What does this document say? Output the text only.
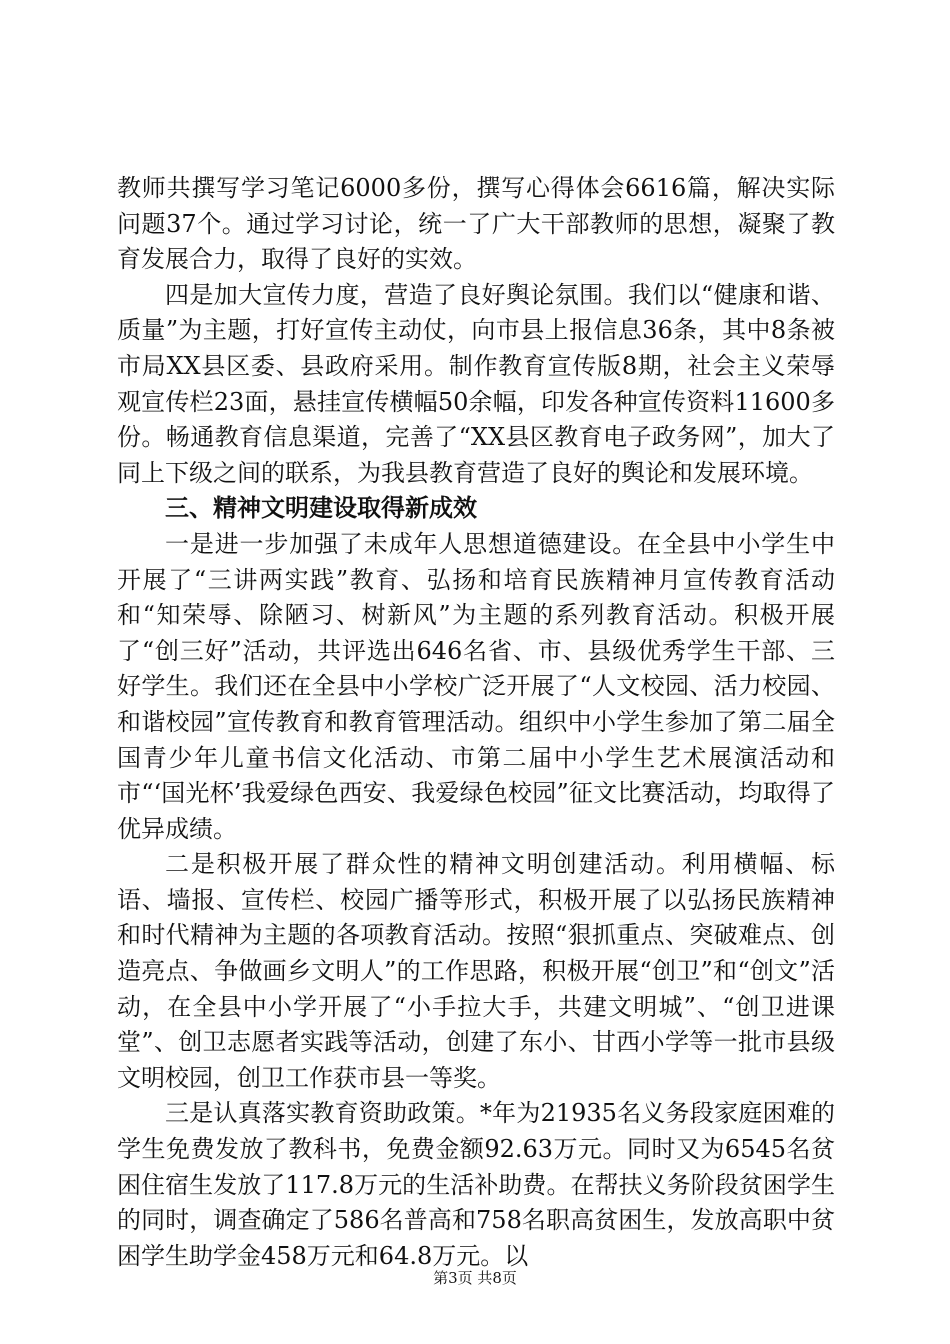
教师共撰写学习笔记6000多份，撰写心得体会6616篇，解决实际问题37个。通过学习讨论，统一了广大干部教师的思想，凝聚了教育发展合力，取得了良好的实效。

四是加大宣传力度，营造了良好舆论氛围。我们以“健康和谐、质量”为主题，打好宣传主动仗，向市县上报信息36条，其中8条被市局XX县区委、县政府采用。制作教育宣传版8期，社会主义荣辱观宣传栏23面，悬挂宣传横幅50余幅，印发各种宣传资料11600多份。畅通教育信息渠道，完善了“XX县区教育电子政务网”，加大了同上下级之间的联系，为我县教育营造了良好的舆论和发展环境。

三、精神文明建设取得新成效

一是进一步加强了未成年人思想道德建设。在全县中小学生中开展了“三讲两实践”教育、弘扬和培育民族精神月宣传教育活动和“知荣辱、除陋习、树新风”为主题的系列教育活动。积极开展了“创三好”活动，共评选出646名省、市、县级优秀学生干部、三好学生。我们还在全县中小学校广泛开展了“人文校园、活力校园、和谐校园”宣传教育和教育管理活动。组织中小学生参加了第二届全国青少年儿童书信文化活动、市第二届中小学生艺术展演活动和市“‘国光杯’我爱绿色西安、我爱绿色校园”征文比赛活动，均取得了优异成绩。

二是积极开展了群众性的精神文明创建活动。利用横幅、标语、墙报、宣传栏、校园广播等形式，积极开展了以弘扬民族精神和时代精神为主题的各项教育活动。按照“狠抓重点、突破难点、创造亮点、争做画乡文明人”的工作思路，积极开展“创卫”和“创文”活动，在全县中小学开展了“小手拉大手，共建文明城”、“创卫进课堂”、创卫志愿者实践等活动，创建了东小、甘西小学等一批市县级文明校园，创卫工作获市县一等奖。

三是认真落实教育资助政策。*年为21935名义务段家庭困难的学生免费发放了教科书，免费金额92.63万元。同时又为6545名贫困住宿生发放了117.8万元的生活补助费。在帮扶义务阶段贫困学生的同时，调查确定了586名普高和758名职高贫困生，发放高职中贫困学生助学金458万元和64.8万元。以

第3页 共8页
